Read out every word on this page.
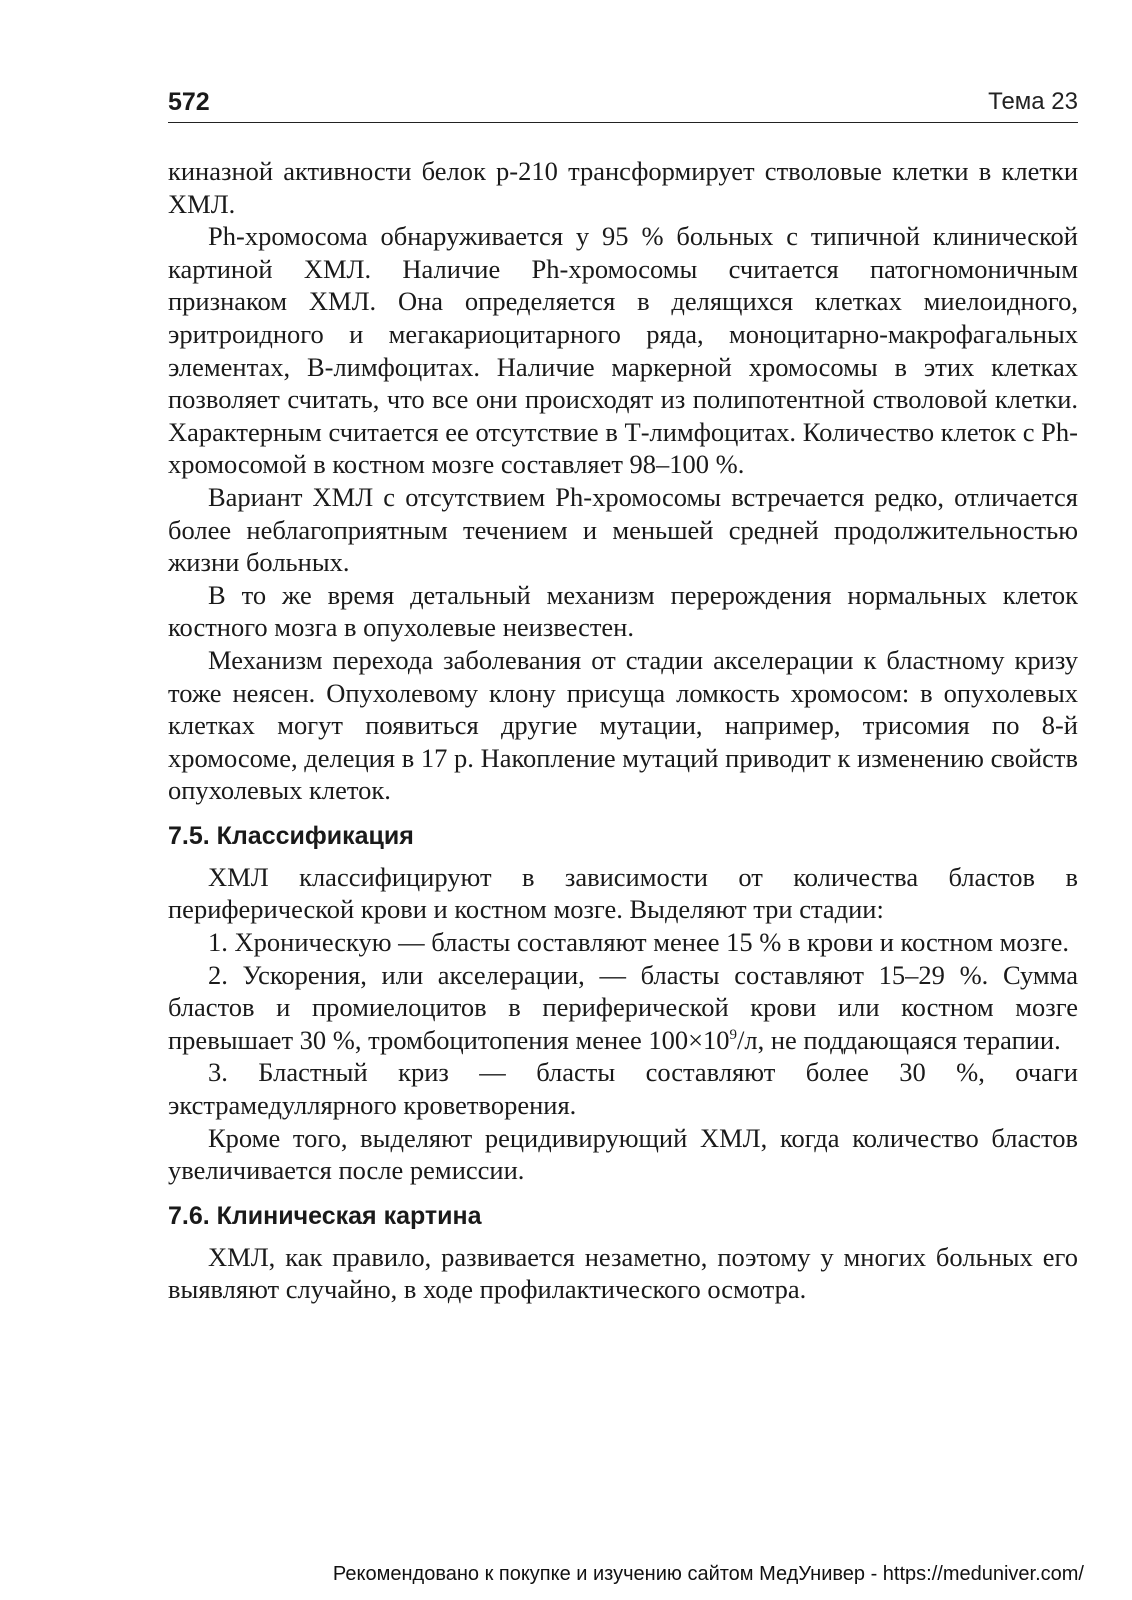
572	Тема 23

киназной активности белок р-210 трансформирует стволовые клетки в клетки ХМЛ.

Ph-хромосома обнаруживается у 95 % больных с типичной клинической картиной ХМЛ. Наличие Ph-хромосомы считается патогномоничным признаком ХМЛ. Она определяется в делящихся клетках миелоидного, эритроидного и мегакариоцитарного ряда, моноцитарно-макрофагальных элементах, В-лимфоцитах. Наличие маркерной хромосомы в этих клетках позволяет считать, что все они происходят из полипотентной стволовой клетки. Характерным считается ее отсутствие в Т-лимфоцитах. Количество клеток с Ph-хромосомой в костном мозге составляет 98–100 %.

Вариант ХМЛ с отсутствием Ph-хромосомы встречается редко, отличается более неблагоприятным течением и меньшей средней продолжительностью жизни больных.

В то же время детальный механизм перерождения нормальных клеток костного мозга в опухолевые неизвестен.

Механизм перехода заболевания от стадии акселерации к бластному кризу тоже неясен. Опухолевому клону присуща ломкость хромосом: в опухолевых клетках могут появиться другие мутации, например, трисомия по 8-й хромосоме, делеция в 17 р. Накопление мутаций приводит к изменению свойств опухолевых клеток.

7.5. Классификация

ХМЛ классифицируют в зависимости от количества бластов в периферической крови и костном мозге. Выделяют три стадии:

1. Хроническую — бласты составляют менее 15 % в крови и костном мозге.

2. Ускорения, или акселерации, — бласты составляют 15–29 %. Сумма бластов и промиелоцитов в периферической крови или костном мозге превышает 30 %, тромбоцитопения менее $100\times 10^9/л$, не поддающаяся терапии.

3. Бластный криз — бласты составляют более 30 %, очаги экстрамедуллярного кроветворения.

Кроме того, выделяют рецидивирующий ХМЛ, когда количество бластов увеличивается после ремиссии.

7.6. Клиническая картина

ХМЛ, как правило, развивается незаметно, поэтому у многих больных его выявляют случайно, в ходе профилактического осмотра.

Рекомендовано к покупке и изучению сайтом МедУнивер - https://meduniver.com/
